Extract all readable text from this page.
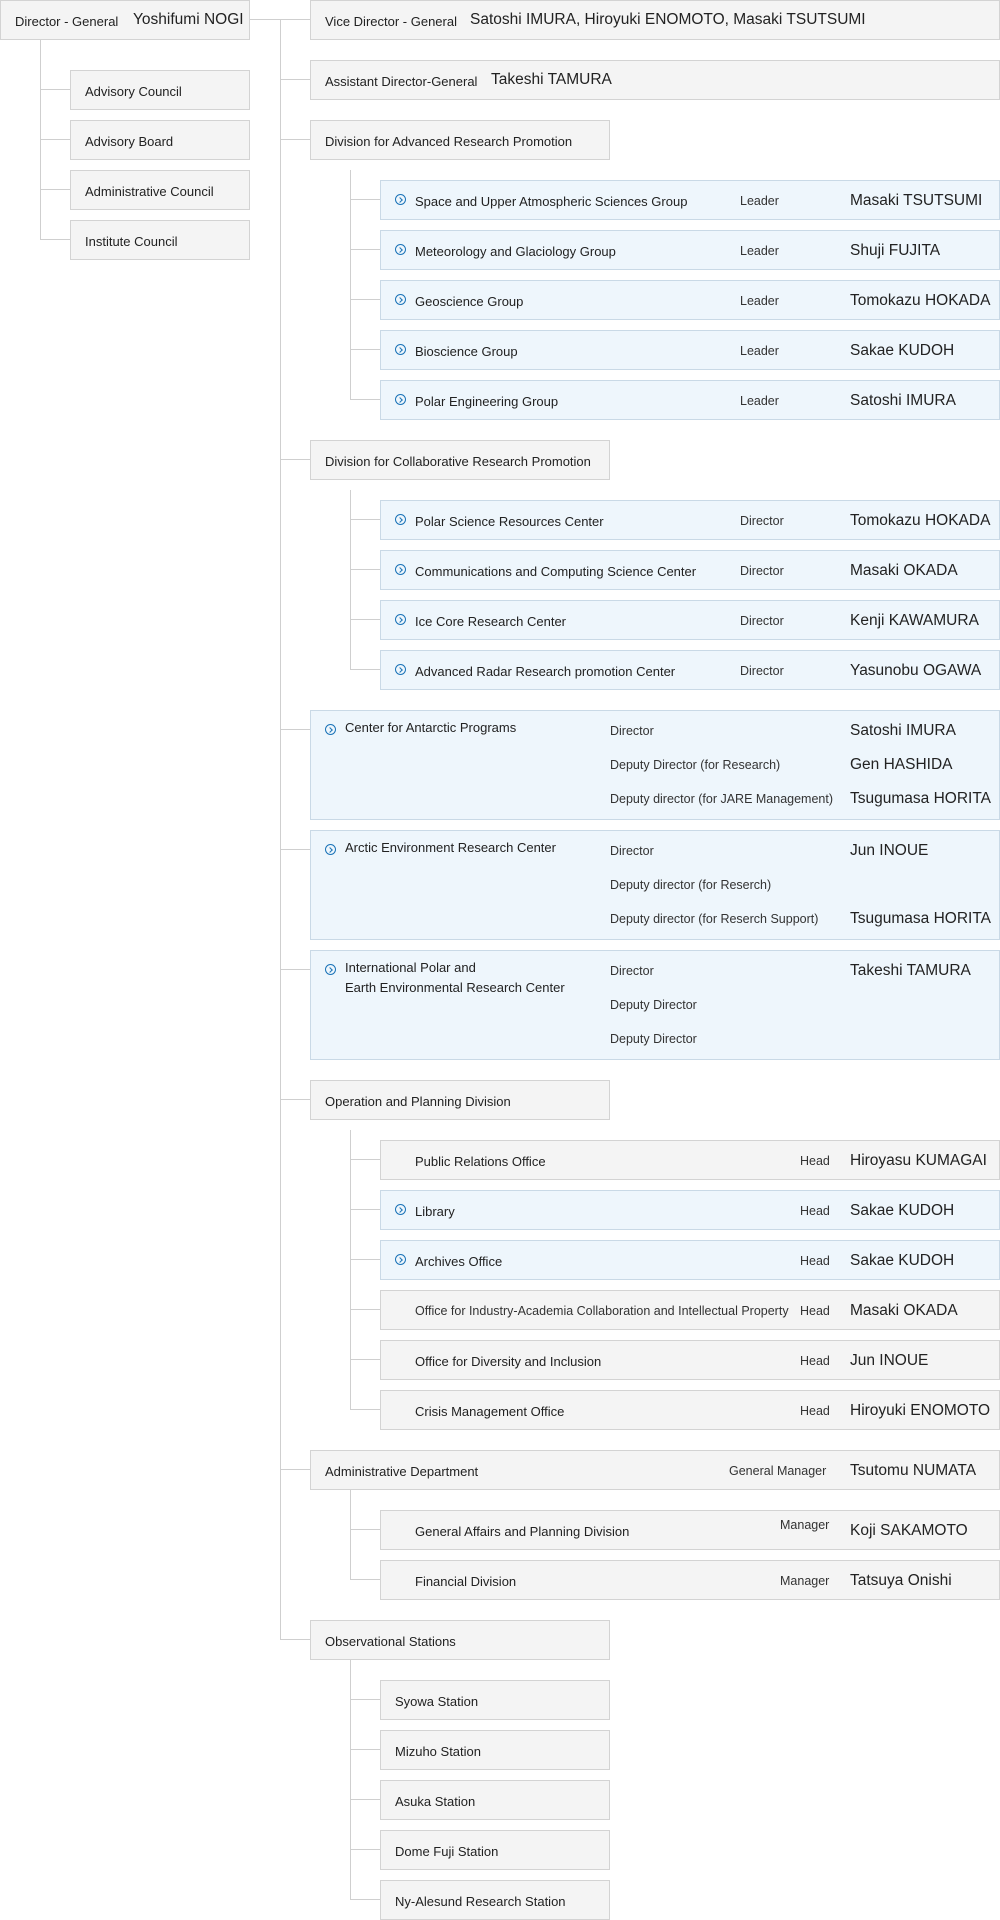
Director - General Yoshifumi NOGI
Advisory Council
Advisory Board
Administrative Council
Institute Council
Vice Director - General Satoshi IMURA, Hiroyuki ENOMOTO, Masaki TSUTSUMI
Assistant Director-General Takeshi TAMURA
Division for Advanced Research Promotion
Space and Upper Atmospheric Sciences Group	Leader	Masaki TSUTSUMI
Meteorology and Glaciology Group	Leader	Shuji FUJITA
Geoscience Group	Leader	Tomokazu HOKADA
Bioscience Group	Leader	Sakae KUDOH
Polar Engineering Group	Leader	Satoshi IMURA
Division for Collaborative Research Promotion
Polar Science Resources Center	Director	Tomokazu HOKADA
Communications and Computing Science Center	Director	Masaki OKADA
Ice Core Research Center	Director	Kenji KAWAMURA
Advanced Radar Research promotion Center	Director	Yasunobu OGAWA
Center for Antarctic Programs	Director	Satoshi IMURA
Deputy Director (for Research)	Gen HASHIDA
Deputy director (for JARE Management) Tsugumasa HORITA
Arctic Environment Research Center	Director	Jun INOUE
Deputy director (for Reserch)
Deputy director (for Reserch Support) Tsugumasa HORITA
International Polar and
Earth Environmental Research Center
Director	Takeshi TAMURA
Deputy Director
Deputy Director
Operation and Planning Division
Public Relations Office	Head Hiroyasu KUMAGAI
Library	Head Sakae KUDOH
Archives Office	Head Sakae KUDOH
Office for Industry-Academia Collaboration and Intellectual Property Head Masaki OKADA
Office for Diversity and Inclusion	Head Jun INOUE
Crisis Management Office	Head Hiroyuki ENOMOTO
Administrative Department	General Manager Tsutomu NUMATA
General Affairs and Planning Division	Manager Koji SAKAMOTO
Financial Division	Manager Tatsuya Onishi
Observational Stations
Syowa Station
Mizuho Station
Asuka Station
Dome Fuji Station
Ny-Alesund Research Station
